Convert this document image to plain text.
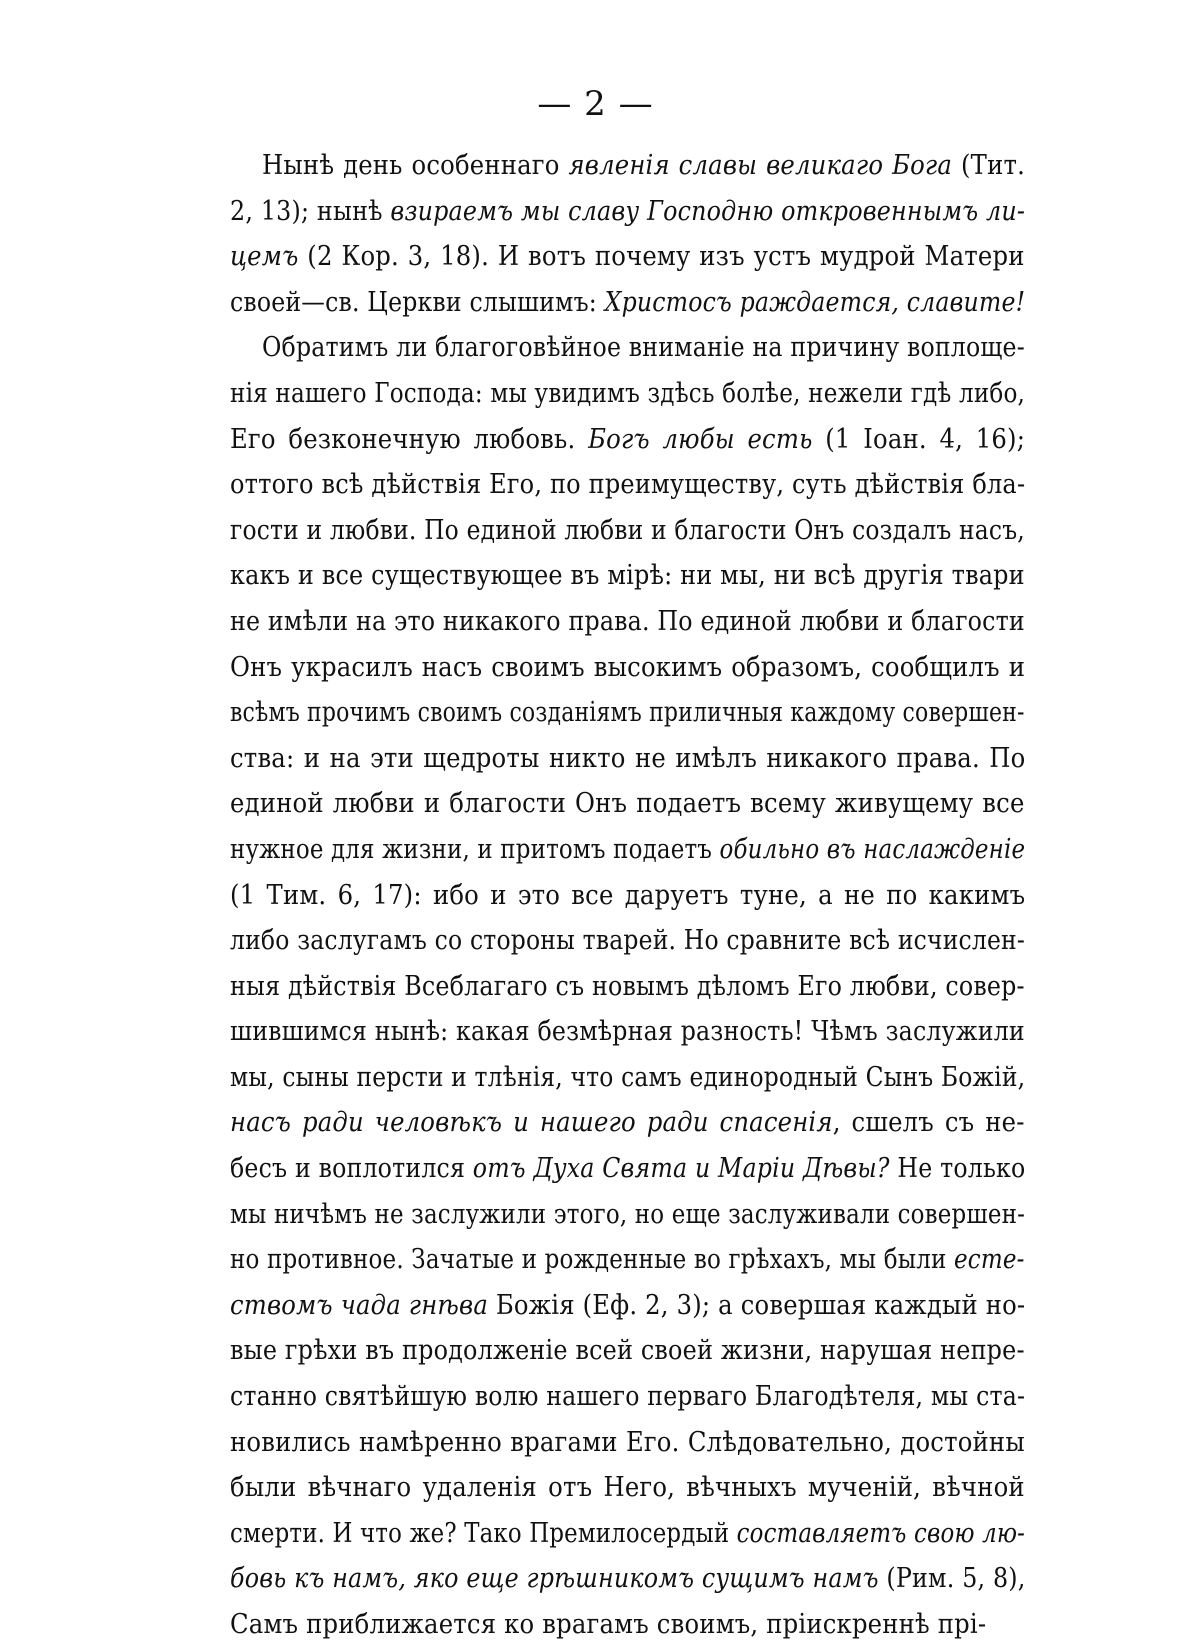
— 2 —
Нынѣ день особеннаго явленія славы великаго Бога (Тит.
2, 13); нынѣ взираемъ мы славу Господню откровеннымъ ли-
цемъ (2 Кор. 3, 18). И вотъ почему изъ устъ мудрой Матери
своей—св. Церкви слышимъ: Христосъ раждается, славите!
Обратимъ ли благоговѣйное вниманіе на причину воплоще-
нія нашего Господа: мы увидимъ здѣсь болѣе, нежели гдѣ либо,
Его безконечную любовь. Богъ любы есть (1 Іоан. 4, 16);
оттого всѣ дѣйствія Его, по преимуществу, суть дѣйствія бла-
гости и любви. По единой любви и благости Онъ создалъ насъ,
какъ и все существующее въ мірѣ: ни мы, ни всѣ другія твари
не имѣли на это никакого права. По единой любви и благости
Онъ украсилъ насъ своимъ высокимъ образомъ, сообщилъ и
всѣмъ прочимъ своимъ созданіямъ приличныя каждому совершен-
ства: и на эти щедроты никто не имѣлъ никакого права. По
единой любви и благости Онъ подаетъ всему живущему все
нужное для жизни, и притомъ подаетъ обильно въ наслажденіе
(1 Тим. 6, 17): ибо и это все даруетъ туне, а не по какимъ
либо заслугамъ со стороны тварей. Но сравните всѣ исчислен-
ныя дѣйствія Всеблагаго съ новымъ дѣломъ Его любви, совер-
шившимся нынѣ: какая безмѣрная разность! Чѣмъ заслужили
мы, сыны персти и тлѣнія, что самъ единородный Сынъ Божій,
насъ ради человѣкъ и нашего ради спасенія, сшелъ съ не-
бесъ и воплотился отъ Духа Свята и Маріи Дѣвы? Не только
мы ничѣмъ не заслужили этого, но еще заслуживали совершен-
но противное. Зачатые и рожденные во грѣхахъ, мы были есте-
ствомъ чада гнѣва Божія (Еф. 2, 3); а совершая каждый но-
вые грѣхи въ продолженіе всей своей жизни, нарушая непре-
станно святѣйшую волю нашего перваго Благодѣтеля, мы ста-
новились намѣренно врагами Его. Слѣдовательно, достойны
были вѣчнаго удаленія отъ Него, вѣчныхъ мученій, вѣчной
смерти. И что же? Тако Премилосердый составляетъ свою лю-
бовь къ намъ, яко еще грѣшникомъ сущимъ намъ (Рим. 5, 8),
Самъ приближается ко врагамъ своимъ, пріискреннѣ прі-
